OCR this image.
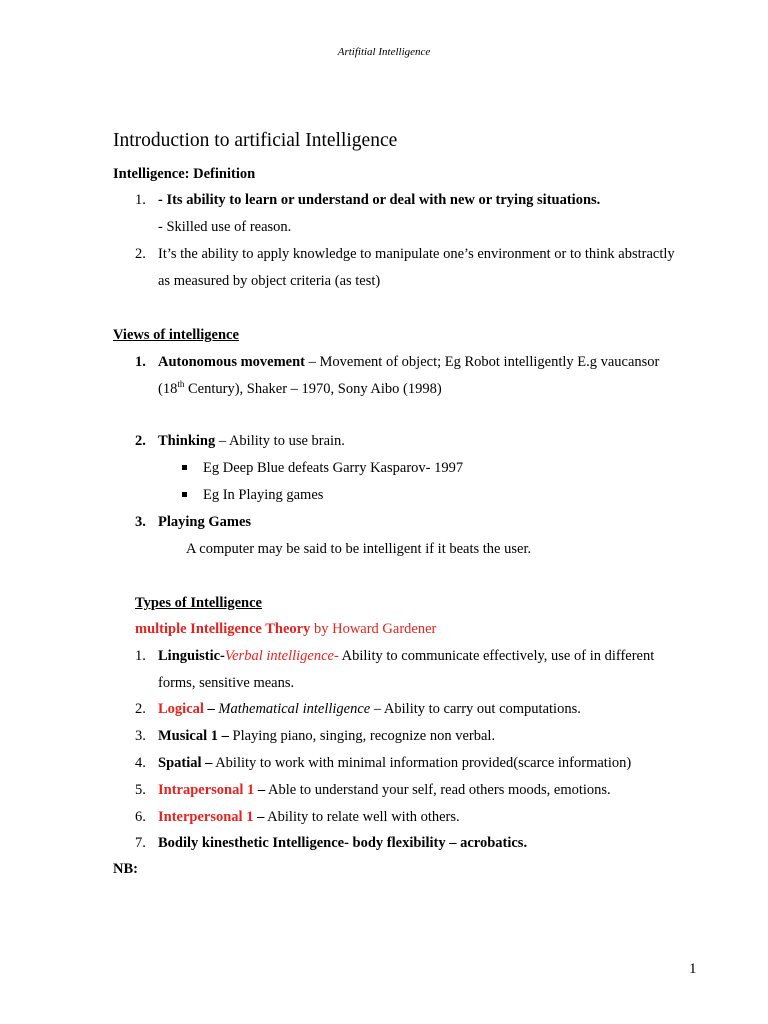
Artifitial Intelligence
Introduction to artificial Intelligence
Intelligence: Definition
1. - Its ability to learn or understand or deal with new or trying situations.
- Skilled use of reason.
2. It’s the ability to apply knowledge to manipulate one’s environment or to think abstractly
as measured by object criteria (as test)
Views of intelligence
1. Autonomous movement – Movement of object; Eg Robot intelligently E.g vaucansor
(18th Century), Shaker – 1970, Sony Aibo (1998)
2. Thinking – Ability to use brain.
Eg Deep Blue defeats Garry Kasparov- 1997
Eg In Playing games
3. Playing Games
A computer may be said to be intelligent if it beats the user.
Types of Intelligence
multiple Intelligence Theory by Howard Gardener
1. Linguistic-Verbal intelligence- Ability to communicate effectively, use of in different
forms, sensitive means.
2. Logical – Mathematical intelligence – Ability to carry out computations.
3. Musical 1 – Playing piano, singing, recognize non verbal.
4. Spatial – Ability to work with minimal information provided(scarce information)
5. Intrapersonal 1 – Able to understand your self, read others moods, emotions.
6. Interpersonal 1 – Ability to relate well with others.
7. Bodily kinesthetic Intelligence- body flexibility – acrobatics.
NB:
1
